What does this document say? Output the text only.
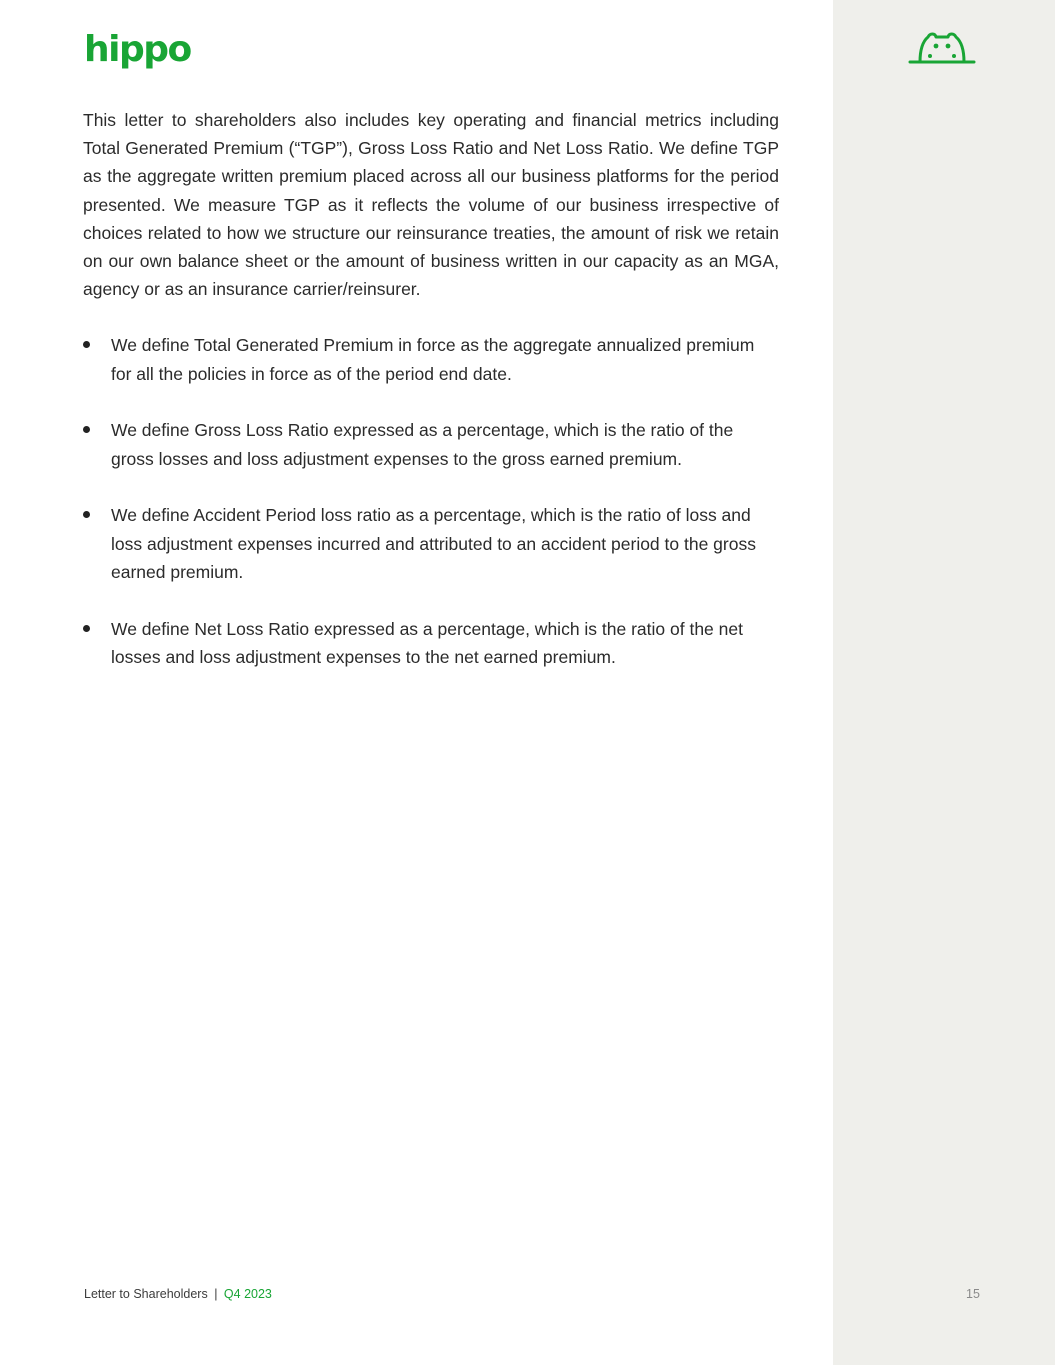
hippo

This letter to shareholders also includes key operating and financial metrics including Total Generated Premium (“TGP”), Gross Loss Ratio and Net Loss Ratio. We define TGP as the aggregate written premium placed across all our business platforms for the period presented. We measure TGP as it reflects the volume of our business irrespective of choices related to how we structure our reinsurance treaties, the amount of risk we retain on our own balance sheet or the amount of business written in our capacity as an MGA, agency or as an insurance carrier/reinsurer.

We define Total Generated Premium in force as the aggregate annualized premium for all the policies in force as of the period end date.
We define Gross Loss Ratio expressed as a percentage, which is the ratio of the gross losses and loss adjustment expenses to the gross earned premium.
We define Accident Period loss ratio as a percentage, which is the ratio of loss and loss adjustment expenses incurred and attributed to an accident period to the gross earned premium.
We define Net Loss Ratio expressed as a percentage, which is the ratio of the net losses and loss adjustment expenses to the net earned premium.
Letter to Shareholders | Q4 2023	15
